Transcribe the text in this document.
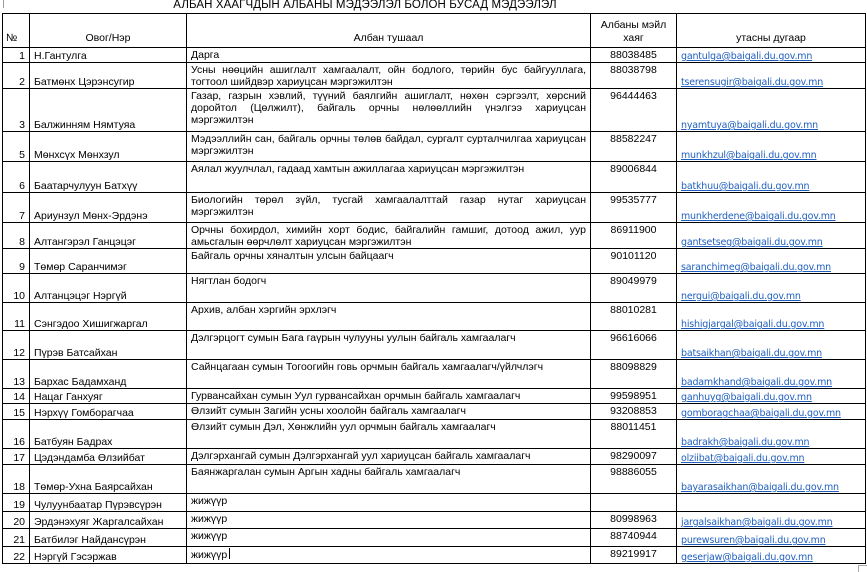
АЛБАН ХААГЧДЫН АЛБАНЫ МЭДЭЭЛЭЛ БОЛОН БУСАД МЭДЭЭЛЭЛ
№	Овог/Нэр	Албан тушаал	Албаны мэйл хаяг	утасны дугаар
1	Н.Гантулга	Дарга	88038485	gantulga@baigali.du.gov.mn
2	Батмөнх Цэрэнсугир	Усны нөөцийн ашиглалт хамгаалалт, ойн бодлого, төрийн бус байгууллага, тогтоол шийдвэр хариуцсан мэргэжилтэн	88038798	tserensugir@baigali.du.gov.mn
3	Балжинням Нямтуяа	Газар, газрын хэвлий, түүний баялгийн ашиглалт, нөхөн сэргээлт, хөрсний доройтол (Цөлжилт), байгаль орчны нөлөөллийн үнэлгээ хариуцсан мэргэжилтэн	96444463	nyamtuya@baigali.du.gov.mn
5	Мөнхсүх Мөнхзул	Мэдээллийн сан, байгаль орчны төлөв байдал, сургалт сурталчилгаа хариуцсан мэргэжилтэн	88582247	munkhzul@baigali.du.gov.mn
6	Баатарчулуун Батхүү	Аялал жуулчлал, гадаад хамтын ажиллагаа хариуцсан мэргэжилтэн	89006844	batkhuu@baigali.du.gov.mn
7	Ариунзул Мөнх-Эрдэнэ	Биологийн төрөл зүйл, тусгай хамгаалалттай газар нутаг хариуцсан мэргэжилтэн	99535777	munkherdene@baigali.du.gov.mn
8	Алтангэрэл Ганцэцэг	Орчны бохирдол, химийн хорт бодис, байгалийн гамшиг, дотоод ажил, уур амьсгалын өөрчлөлт хариуцсан мэргэжилтэн	86911900	gantsetseg@baigali.du.gov.mn
9	Төмөр Саранчимэг	Байгаль орчны хяналтын улсын байцаагч	90101120	saranchimeg@baigali.du.gov.mn
10	Алтанцэцэг Нэргүй	Нягтлан бодогч	89049979	nergui@baigali.du.gov.mn
11	Сэнгэдоо Хишигжаргал	Архив, албан хэргийн эрхлэгч	88010281	hishigjargal@baigali.du.gov.mn
12	Пүрэв Батсайхан	Дэлгэрцогт сумын Бага гаүрын чулууны уулын байгаль хамгаалагч	96616066	batsaikhan@baigali.du.gov.mn
13	Бархас Бадамханд	Сайнцагаан сумын Тогоогийн говь орчмын байгаль хамгаалагч/үйлчлэгч	88098829	badamkhand@baigali.du.gov.mn
14	Нацаг Ганхуяг	Гурвансайхан сумын Уул гурвансайхан орчмын байгаль хамгаалагч	99598951	ganhuyg@baigali.du.gov.mn
15	Нэрхүү Гомборагчаа	Өлзийт сумын Загийн усны хоолойн байгаль хамгаалагч	93208853	gomboragchaa@baigali.du.gov.mn
16	Батбуян Бадрах	Өлзийт сумын Дэл, Хөнжлийн уул орчмын байгаль хамгаалагч	88011451	badrakh@baigali.du.gov.mn
17	Цэдэндамба Өлзийбат	Дэлгэрхангай сумын Дэлгэрхангай уул хариуцсан байгаль хамгаалагч	98290097	olziibat@baigali.du.gov.mn
18	Төмөр-Ухна Баярсайхан	Баянжаргалан сумын Аргын хадны байгаль хамгаалагч	98886055	bayarasaikhan@baigali.du.gov.mn
19	Чулуунбаатар Пүрэвсүрэн	жижүүр		
20	Эрдэнэхуяг Жаргалсайхан	жижүүр	80998963	jargalsaikhan@baigali.du.gov.mn
21	Батбилэг Найдансүрэн	жижүүр	88740944	purewsuren@baigali.du.gov.mn
22	Нэргүй Гэсэржав	жижүүр	89219917	geserjaw@baigali.du.gov.mn
